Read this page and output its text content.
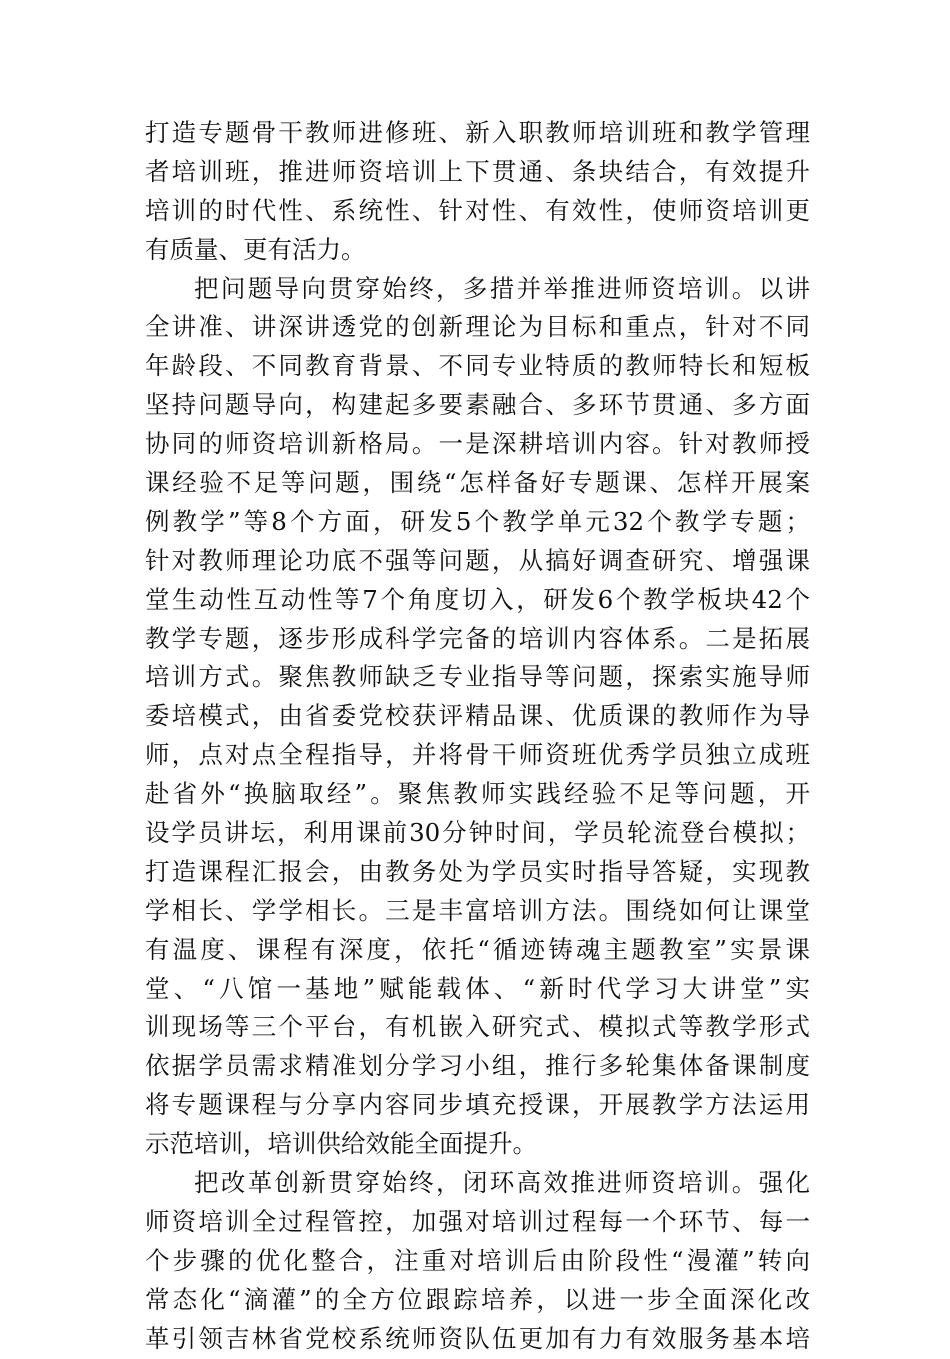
打造专题骨干教师进修班、新入职教师培训班和教学管理
者培训班，推进师资培训上下贯通、条块结合，有效提升
培训的时代性、系统性、针对性、有效性，使师资培训更
有质量、更有活力。
把问题导向贯穿始终，多措并举推进师资培训。以讲
全讲准、讲深讲透党的创新理论为目标和重点，针对不同
年龄段、不同教育背景、不同专业特质的教师特长和短板
坚持问题导向，构建起多要素融合、多环节贯通、多方面
协同的师资培训新格局。一是深耕培训内容。针对教师授
课经验不足等问题，围绕“怎样备好专题课、怎样开展案
例教学”等8个方面，研发5个教学单元32个教学专题；
针对教师理论功底不强等问题，从搞好调查研究、增强课
堂生动性互动性等7个角度切入，研发6个教学板块42个
教学专题，逐步形成科学完备的培训内容体系。二是拓展
培训方式。聚焦教师缺乏专业指导等问题，探索实施导师
委培模式，由省委党校获评精品课、优质课的教师作为导
师，点对点全程指导，并将骨干师资班优秀学员独立成班
赴省外“换脑取经”。聚焦教师实践经验不足等问题，开
设学员讲坛，利用课前30分钟时间，学员轮流登台模拟；
打造课程汇报会，由教务处为学员实时指导答疑，实现教
学相长、学学相长。三是丰富培训方法。围绕如何让课堂
有温度、课程有深度，依托“循迹铸魂主题教室”实景课
堂、“八馆一基地”赋能载体、“新时代学习大讲堂”实
训现场等三个平台，有机嵌入研究式、模拟式等教学形式
依据学员需求精准划分学习小组，推行多轮集体备课制度
将专题课程与分享内容同步填充授课，开展教学方法运用
示范培训，培训供给效能全面提升。
把改革创新贯穿始终，闭环高效推进师资培训。强化
师资培训全过程管控，加强对培训过程每一个环节、每一
个步骤的优化整合，注重对培训后由阶段性“漫灌”转向
常态化“滴灌”的全方位跟踪培养，以进一步全面深化改
革引领吉林省党校系统师资队伍更加有力有效服务基本培
